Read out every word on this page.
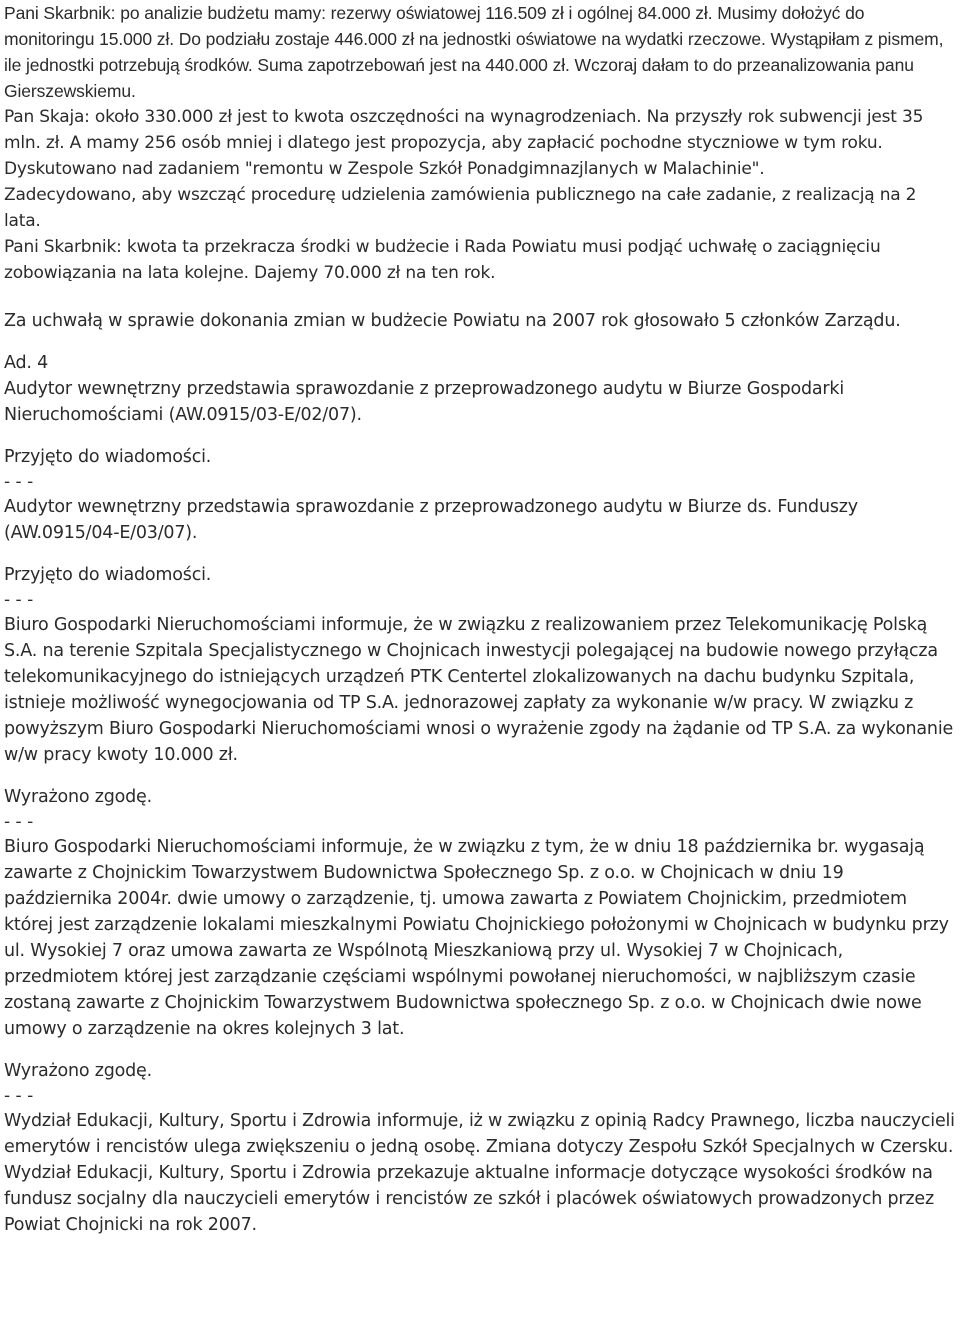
Pani Skarbnik: po analizie budżetu mamy: rezerwy oświatowej 116.509 zł i ogólnej 84.000 zł. Musimy dołożyć do monitoringu 15.000 zł. Do podziału zostaje 446.000 zł na jednostki oświatowe na wydatki rzeczowe. Wystąpiłam z pismem, ile jednostki potrzebują środków. Suma zapotrzebowań jest na 440.000 zł. Wczoraj dałam to do przeanalizowania panu Gierszewskiemu.

Pan Skaja: około 330.000 zł jest to kwota oszczędności na wynagrodzeniach. Na przyszły rok subwencji jest 35 mln. zł. A mamy 256 osób mniej i dlatego jest propozycja, aby zapłacić pochodne styczniowe w tym roku.

Dyskutowano nad zadaniem "remontu w Zespole Szkół Ponadgimnazjlanych w Malachinie".

Zadecydowano, aby wszcząć procedurę udzielenia zamówienia publicznego na całe zadanie, z realizacją na 2 lata.

Pani Skarbnik: kwota ta przekracza środki w budżecie i Rada Powiatu musi podjąć uchwałę o zaciągnięciu zobowiązania na lata kolejne. Dajemy 70.000 zł na ten rok.

Za uchwałą w sprawie dokonania zmian w budżecie Powiatu na 2007 rok głosowało 5 członków Zarządu.

Ad. 4

Audytor wewnętrzny przedstawia sprawozdanie z przeprowadzonego audytu w Biurze Gospodarki Nieruchomościami (AW.0915/03-E/02/07).

Przyjęto do wiadomości.

- - -

Audytor wewnętrzny przedstawia sprawozdanie z przeprowadzonego audytu w Biurze ds. Funduszy (AW.0915/04-E/03/07).

Przyjęto do wiadomości.

- - -

Biuro Gospodarki Nieruchomościami informuje, że w związku z realizowaniem przez Telekomunikację Polską S.A. na terenie Szpitala Specjalistycznego w Chojnicach inwestycji polegającej na budowie nowego przyłącza telekomunikacyjnego do istniejących urządzeń PTK Centertel zlokalizowanych na dachu budynku Szpitala, istnieje możliwość wynegocjowania od TP S.A. jednorazowej zapłaty za wykonanie w/w pracy. W związku z powyższym Biuro Gospodarki Nieruchomościami wnosi o wyrażenie zgody na żądanie od TP S.A. za wykonanie w/w pracy kwoty 10.000 zł.

Wyrażono zgodę.

- - -

Biuro Gospodarki Nieruchomościami informuje, że w związku z tym, że w dniu 18 października br. wygasają zawarte z Chojnickim Towarzystwem Budownictwa Społecznego Sp. z o.o. w Chojnicach w dniu 19 października 2004r. dwie umowy o zarządzenie, tj. umowa zawarta z Powiatem Chojnickim, przedmiotem której jest zarządzenie lokalami mieszkalnymi Powiatu Chojnickiego położonymi w Chojnicach w budynku przy ul. Wysokiej 7 oraz umowa zawarta ze Wspólnotą Mieszkaniową przy ul. Wysokiej 7 w Chojnicach, przedmiotem której jest zarządzanie częściami wspólnymi powołanej nieruchomości, w najbliższym czasie zostaną zawarte z Chojnickim Towarzystwem Budownictwa społecznego Sp. z o.o. w Chojnicach dwie nowe umowy o zarządzenie na okres kolejnych 3 lat.

Wyrażono zgodę.

- - -

Wydział Edukacji, Kultury, Sportu i Zdrowia informuje, iż w związku z opinią Radcy Prawnego, liczba nauczycieli emerytów i rencistów ulega zwiększeniu o jedną osobę. Zmiana dotyczy Zespołu Szkół Specjalnych w Czersku. Wydział Edukacji, Kultury, Sportu i Zdrowia przekazuje aktualne informacje dotyczące wysokości środków na fundusz socjalny dla nauczycieli emerytów i rencistów ze szkół i placówek oświatowych prowadzonych przez Powiat Chojnicki na rok 2007.
